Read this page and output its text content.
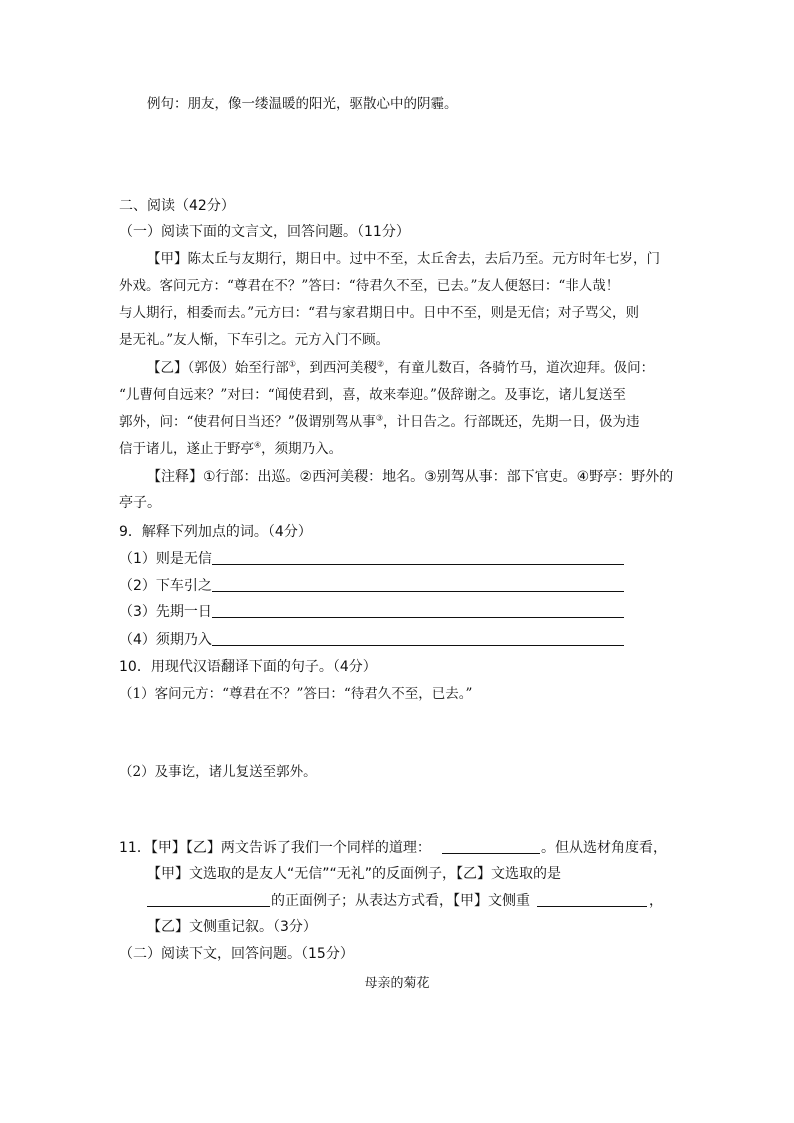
例句：朋友，像一缕温暖的阳光，驱散心中的阴霾。
二、阅读（42分）
（一）阅读下面的文言文，回答问题。（11分）
【甲】陈太丘与友期行，期日中。过中不至，太丘舍去，去后乃至。元方时年七岁，门
外戏。客问元方：“尊君在不？”答曰：“待君久不至，已去。”友人便怒曰：“非人哉！
与人期行，相委而去。”元方曰：“君与家君期日中。日中不至，则是无信；对子骂父，则
是无礼。”友人惭，下车引之。元方入门不顾。
【乙】（郭伋）始至行部①，到西河美稷②，有童儿数百，各骑竹马，道次迎拜。伋问：
“儿曹何自远来？”对曰：“闻使君到，喜，故来奉迎。”伋辞谢之。及事讫，诸儿复送至
郭外，问：“使君何日当还？”伋谓别驾从事③，计日告之。行部既还，先期一日，伋为违
信于诸儿，遂止于野亭④，须期乃入。
【注释】①行部：出巡。②西河美稷：地名。③别驾从事：部下官吏。④野亭：野外的
亭子。
9．解释下列加点的词。（4分）
（1）则是无信
（2）下车引之
（3）先期一日
（4）须期乃入
10．用现代汉语翻译下面的句子。（4分）
（1）客问元方：“尊君在不？”答曰：“待君久不至，已去。”
（2）及事讫，诸儿复送至郭外。
11．【甲】【乙】两文告诉了我们一个同样的道理：	。但从选材角度看，
【甲】文选取的是友人“无信”“无礼”的反面例子，【乙】文选取的是
的正面例子；从表达方式看，【甲】文侧重	，
【乙】文侧重记叙。（3分）
（二）阅读下文，回答问题。（15分）
母亲的菊花
